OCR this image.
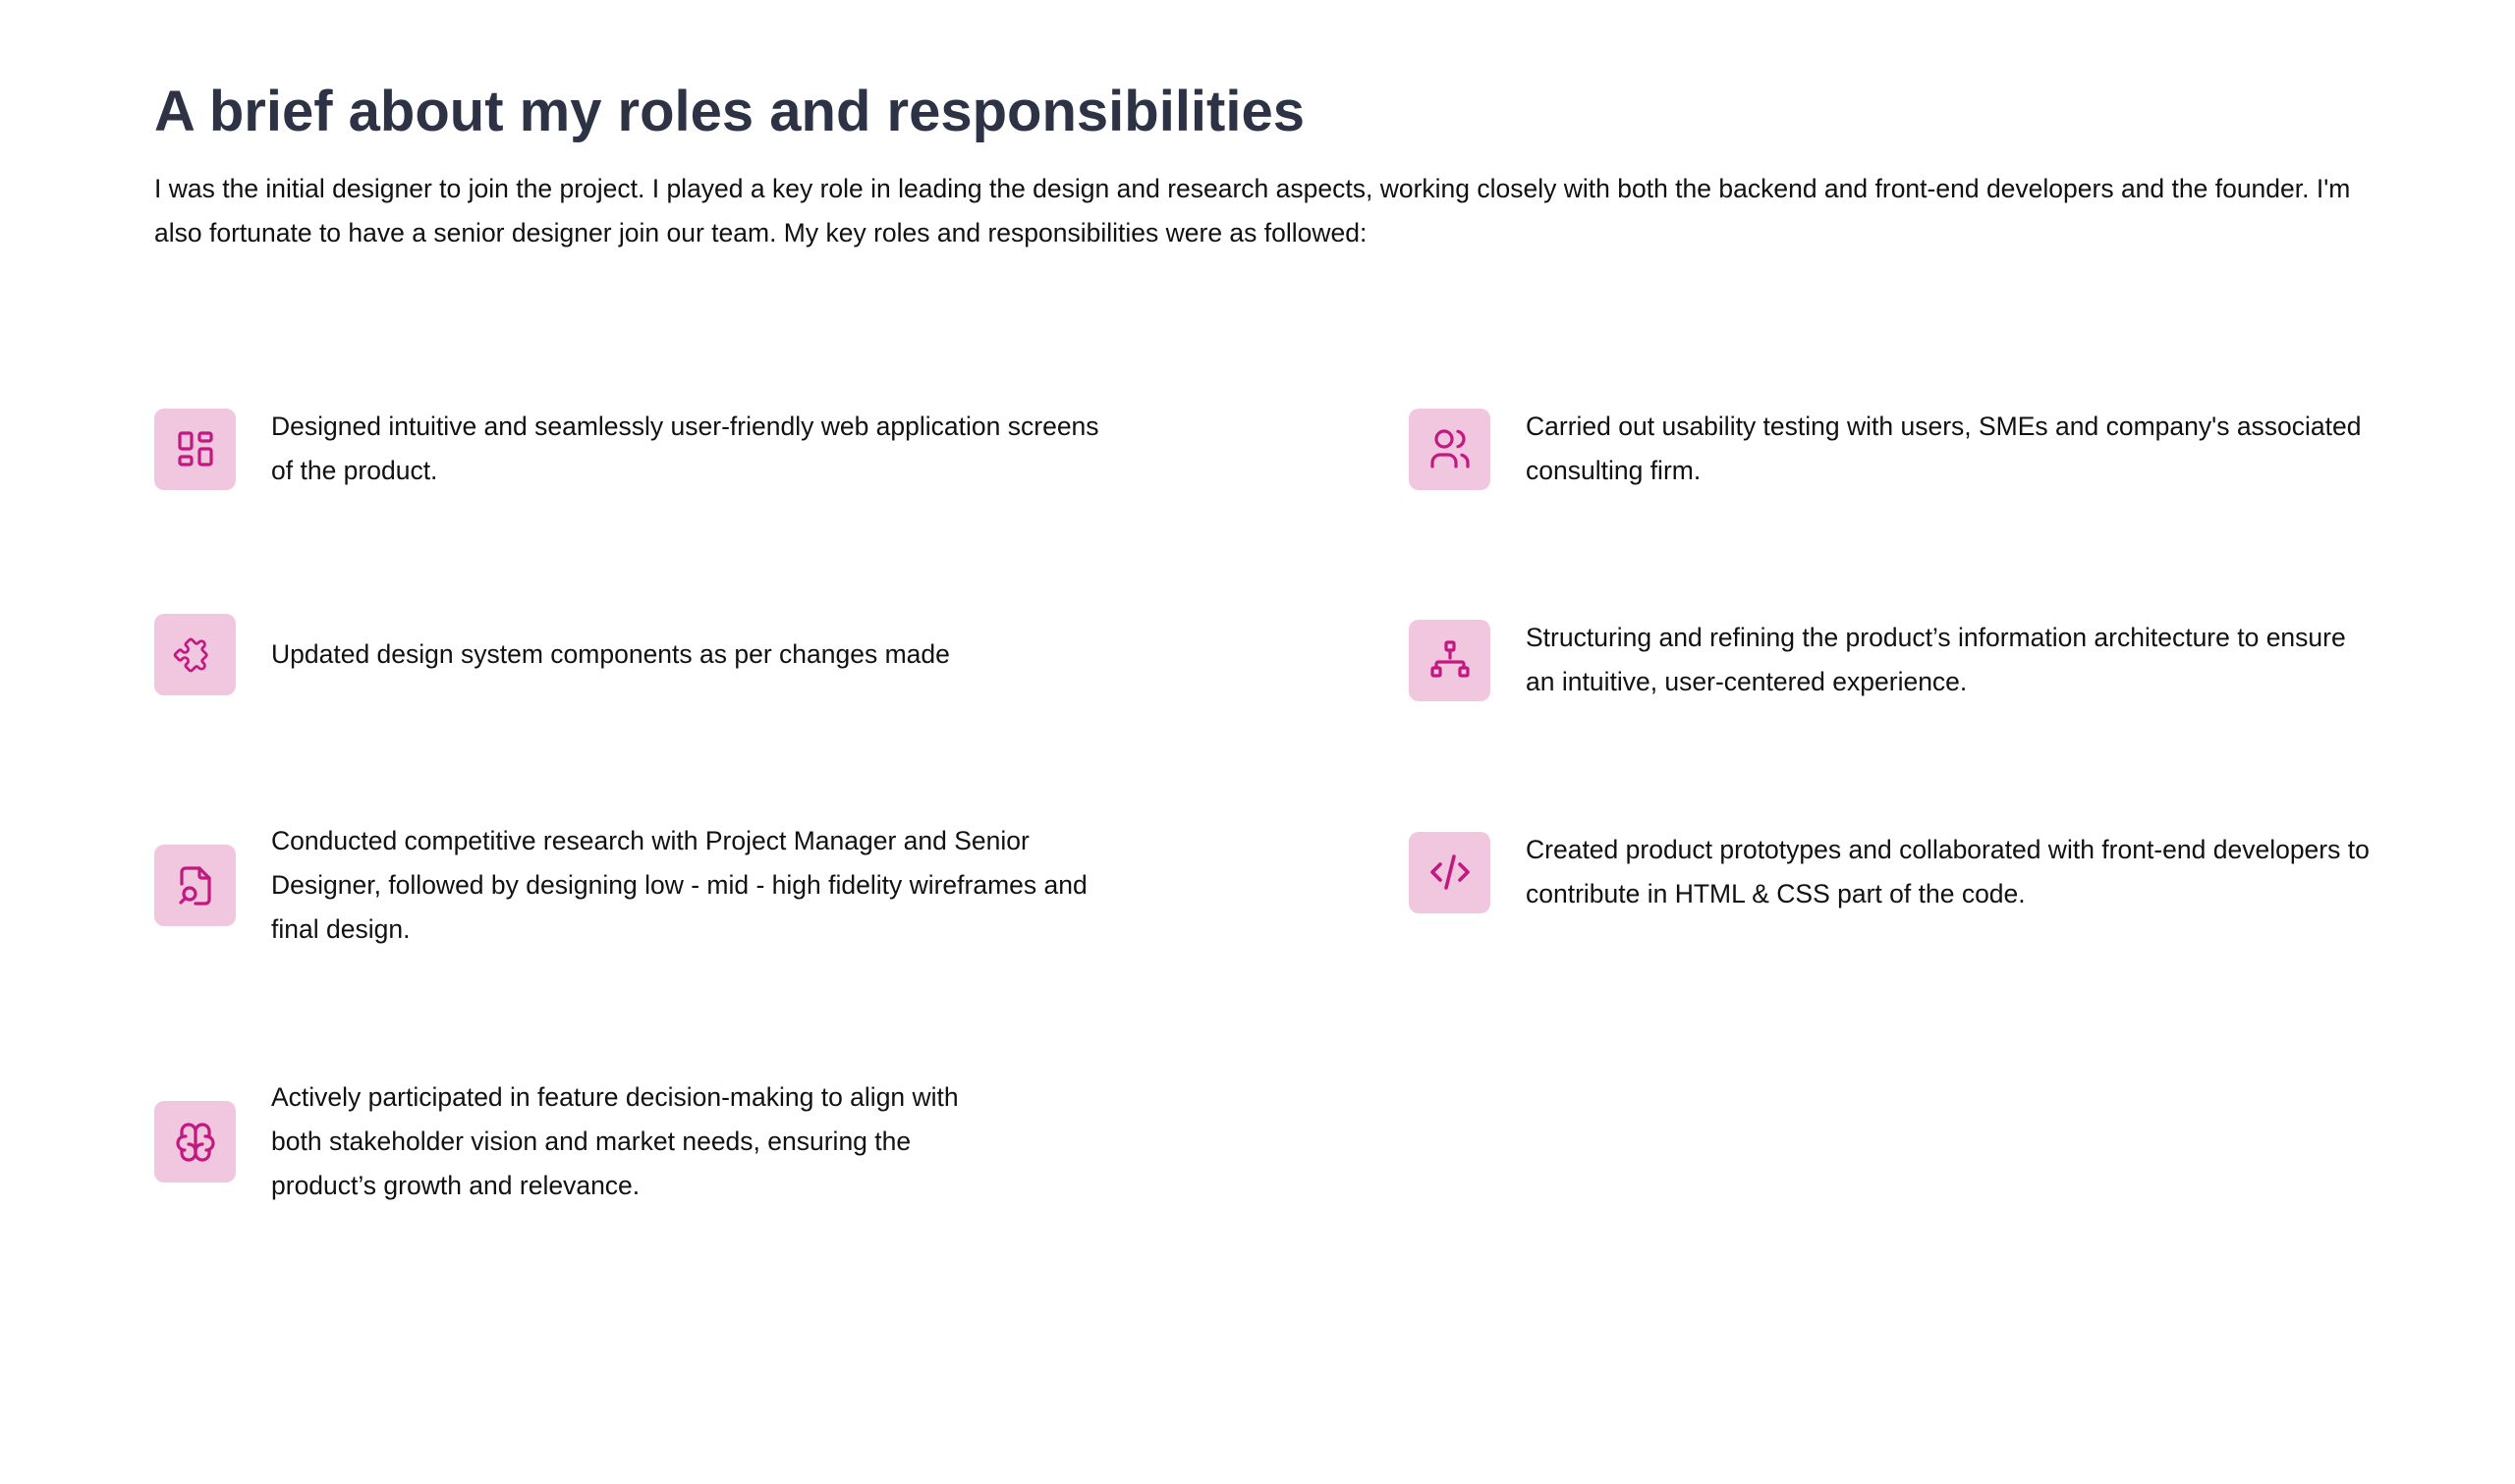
A brief about my roles and responsibilities

I was the initial designer to join the project. I played a key role in leading the design and research aspects, working closely with both the backend and front-end developers and the founder. I'm also fortunate to have a senior designer join our team. My key roles and responsibilities were as followed:

Designed intuitive and seamlessly user-friendly web application screens of the product.

Carried out usability testing with users, SMEs and company's associated consulting firm.

Updated design system components as per changes made

Structuring and refining the product’s information architecture to ensure an intuitive, user-centered experience.

Conducted competitive research with Project Manager and Senior Designer, followed by designing low - mid - high fidelity wireframes and final design.

Created product prototypes and collaborated with front-end developers to contribute in HTML & CSS part of the code.

Actively participated in feature decision-making to align with both stakeholder vision and market needs, ensuring the product’s growth and relevance.
